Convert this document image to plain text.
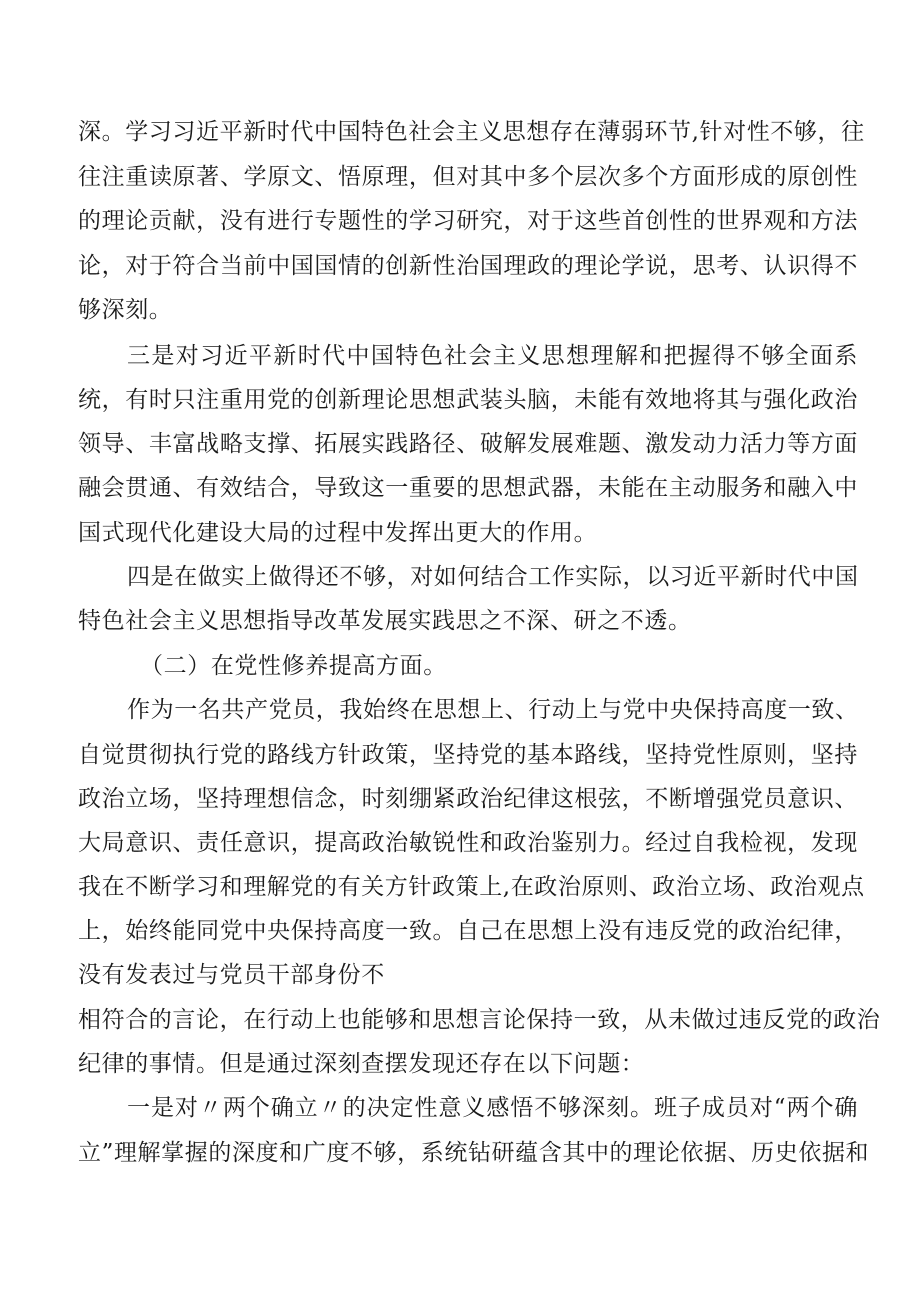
深。学习习近平新时代中国特色社会主义思想存在薄弱环节,针对性不够，往
往注重读原著、学原文、悟原理，但对其中多个层次多个方面形成的原创性
的理论贡献，没有进行专题性的学习研究，对于这些首创性的世界观和方法
论，对于符合当前中国国情的创新性治国理政的理论学说，思考、认识得不
够深刻。
三是对习近平新时代中国特色社会主义思想理解和把握得不够全面系
统，有时只注重用党的创新理论思想武装头脑，未能有效地将其与强化政治
领导、丰富战略支撑、拓展实践路径、破解发展难题、激发动力活力等方面
融会贯通、有效结合，导致这一重要的思想武器，未能在主动服务和融入中
国式现代化建设大局的过程中发挥出更大的作用。
四是在做实上做得还不够，对如何结合工作实际，以习近平新时代中国
特色社会主义思想指导改革发展实践思之不深、研之不透。
（二）在党性修养提高方面。
作为一名共产党员，我始终在思想上、行动上与党中央保持高度一致、
自觉贯彻执行党的路线方针政策，坚持党的基本路线，坚持党性原则，坚持
政治立场，坚持理想信念，时刻绷紧政治纪律这根弦，不断增强党员意识、
大局意识、责任意识，提高政治敏锐性和政治鉴别力。经过自我检视，发现
我在不断学习和理解党的有关方针政策上,在政治原则、政治立场、政治观点
上，始终能同党中央保持高度一致。自己在思想上没有违反党的政治纪律，
没有发表过与党员干部身份不
相符合的言论，在行动上也能够和思想言论保持一致，从未做过违反党的政治
纪律的事情。但是通过深刻查摆发现还存在以下问题：
一是对〃两个确立〃的决定性意义感悟不够深刻。班子成员对“两个确
立”理解掌握的深度和广度不够，系统钻研蕴含其中的理论依据、历史依据和
